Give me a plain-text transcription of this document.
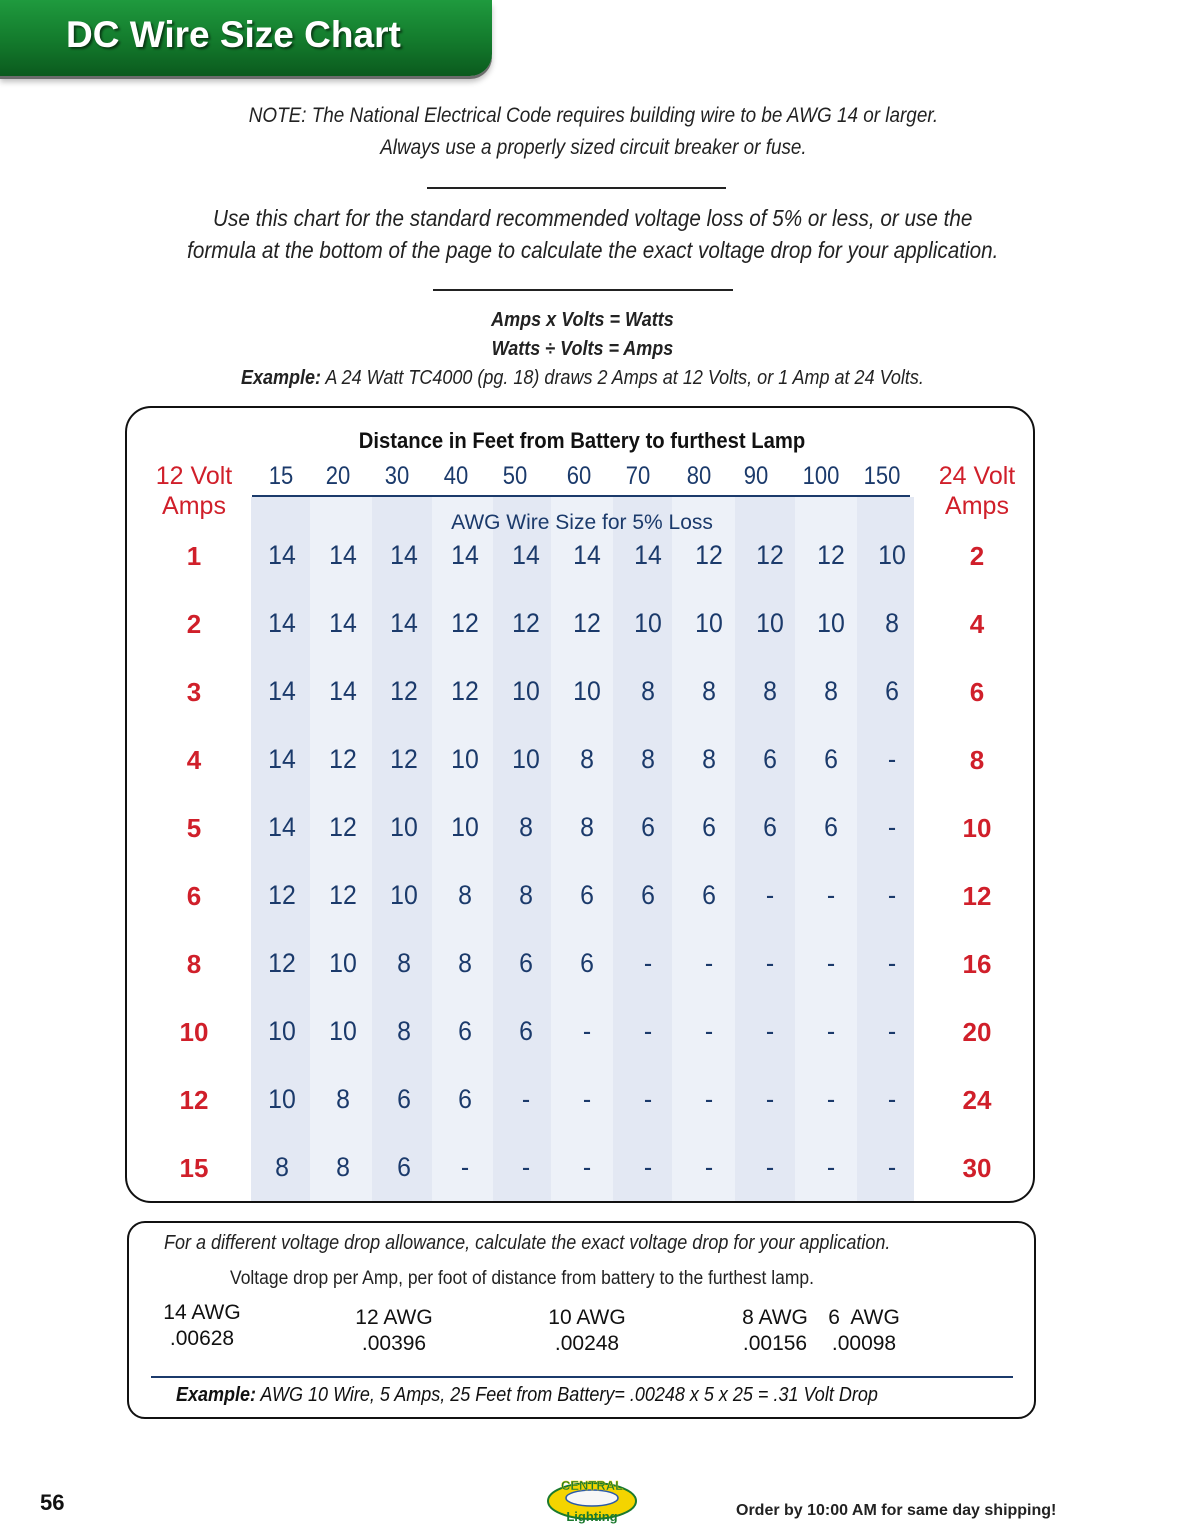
DC Wire Size Chart
NOTE: The National Electrical Code requires building wire to be AWG 14 or larger.
Always use a properly sized circuit breaker or fuse.
Use this chart for the standard recommended voltage loss of 5% or less, or use the
formula at the bottom of the page to calculate the exact voltage drop for your application.
Amps x Volts = Watts
Watts ÷ Volts = Amps
Example: A 24 Watt TC4000 (pg. 18) draws 2 Amps at 12 Volts, or 1 Amp at 24 Volts.
Distance in Feet from Battery to furthest Lamp
12 Volt
Amps
24 Volt
Amps
15	20	30	40	50	60	70	80	90	100 150
AWG Wire Size for 5% Loss
1	14	14	14	14	14	14	14	12	12	12	10	2
2	14	14	14	12	12	12	10	10	10	10	8	4
3	14	14	12	12	10	10	8	8	8	8	6	6
4	14	12	12	10	10	8	8	8	6	6	-	8
5	14	12	10	10	8	8	6	6	6	6	-	10
6	12	12	10	8	8	6	6	6	-	-	-	12
8	12	10	8	8	6	6	-	-	-	-	-	16
10	10	10	8	6	6	-	-	-	-	-	-	20
12	10	8	6	6	-	-	-	-	-	-	-	24
15	8	8	6	-	-	-	-	-	-	-	-	30
For a different voltage drop allowance, calculate the exact voltage drop for your application.
Voltage drop per Amp, per foot of distance from battery to the furthest lamp.
14 AWG
.00628
12 AWG
.00396
10 AWG
.00248
8 AWG
.00156
6  AWG
.00098
Example: AWG 10 Wire, 5 Amps, 25 Feet from Battery= .00248 x 5 x 25 = .31 Volt Drop
56
CENTRAL
Lighting	Order by 10:00 AM for same day shipping!
